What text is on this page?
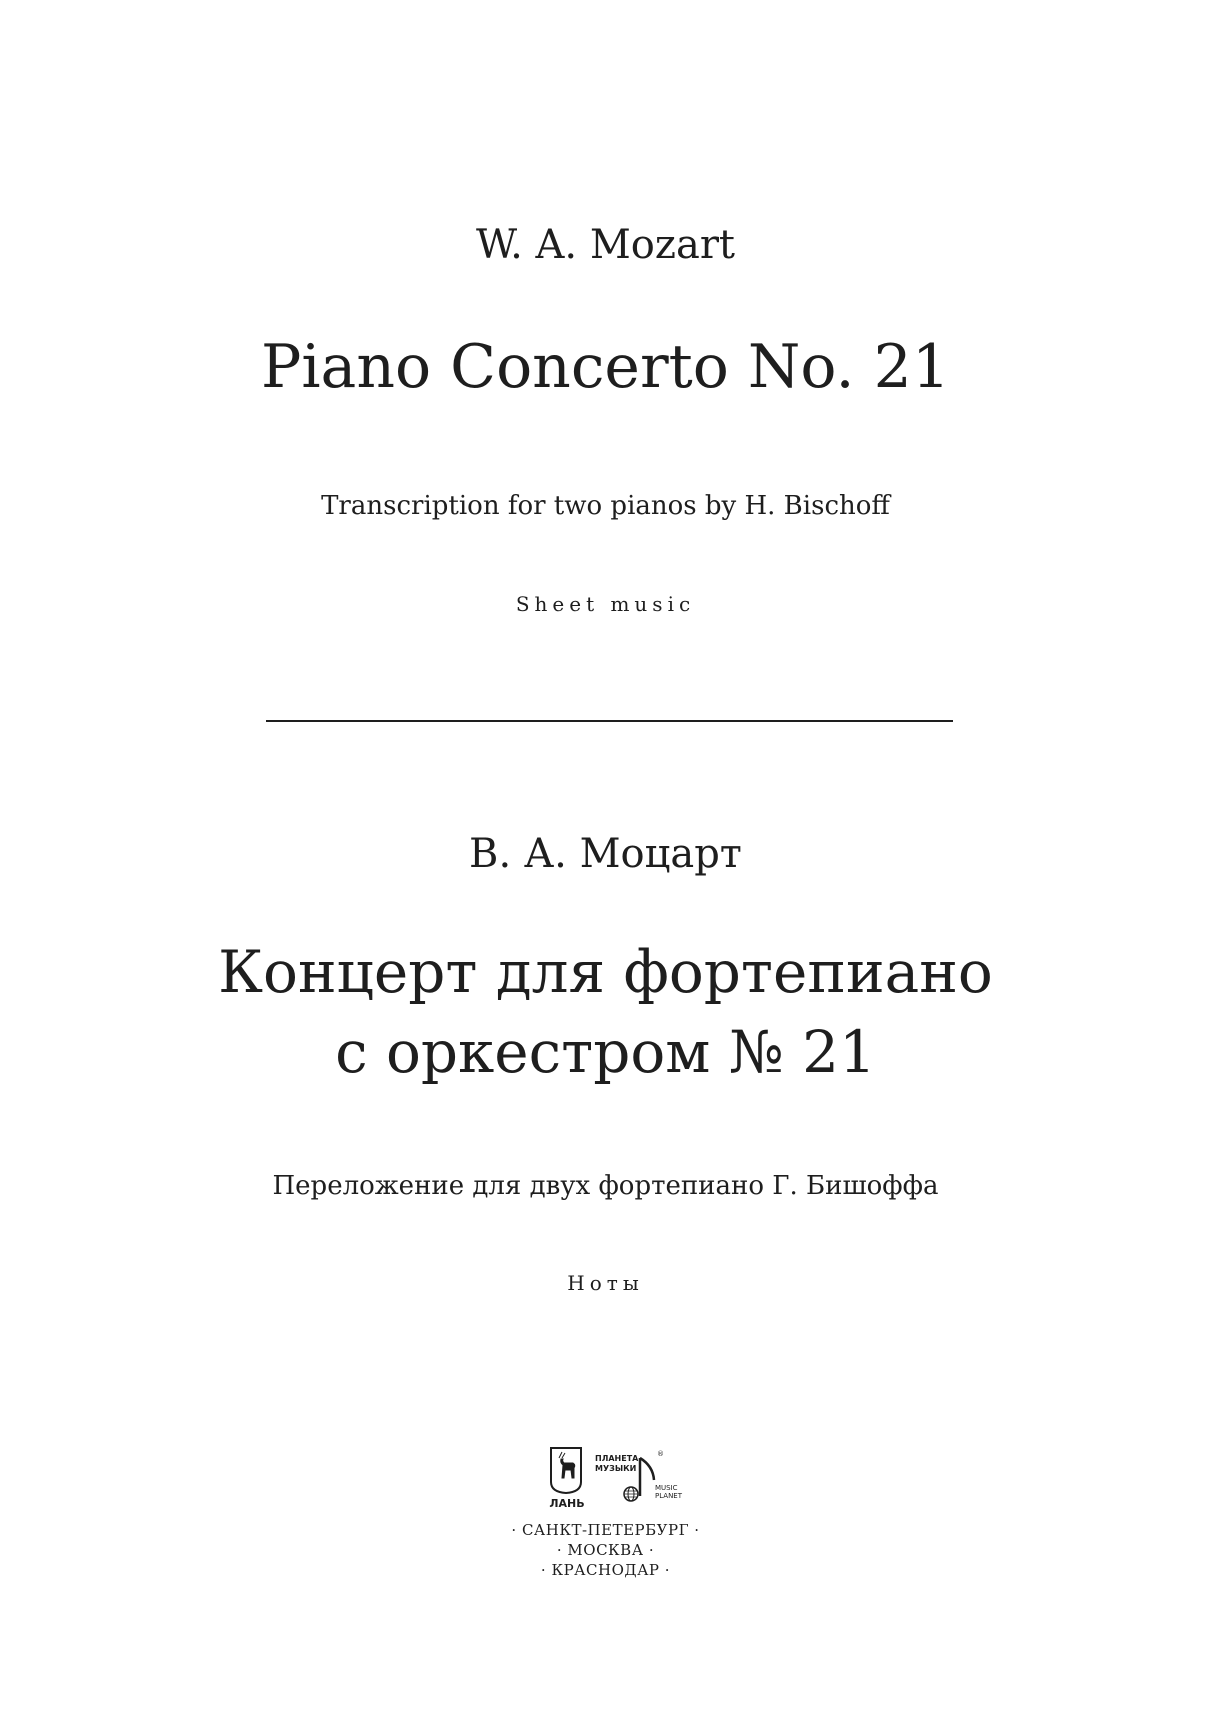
W. A. Mozart
Piano Concerto No. 21
Transcription for two pianos by H. Bischoff
Sheet music
В. А. Моцарт
Концерт для фортепиано
с оркестром № 21
Переложение для двух фортепиано Г. Бишоффа
Ноты
ЛАНЬ
ПЛАНЕТА
МУЗЫКИ
®
MUSIC
PLANET
· САНКТ-ПЕТЕРБУРГ ·
· МОСКВА ·
· КРАСНОДАР ·
